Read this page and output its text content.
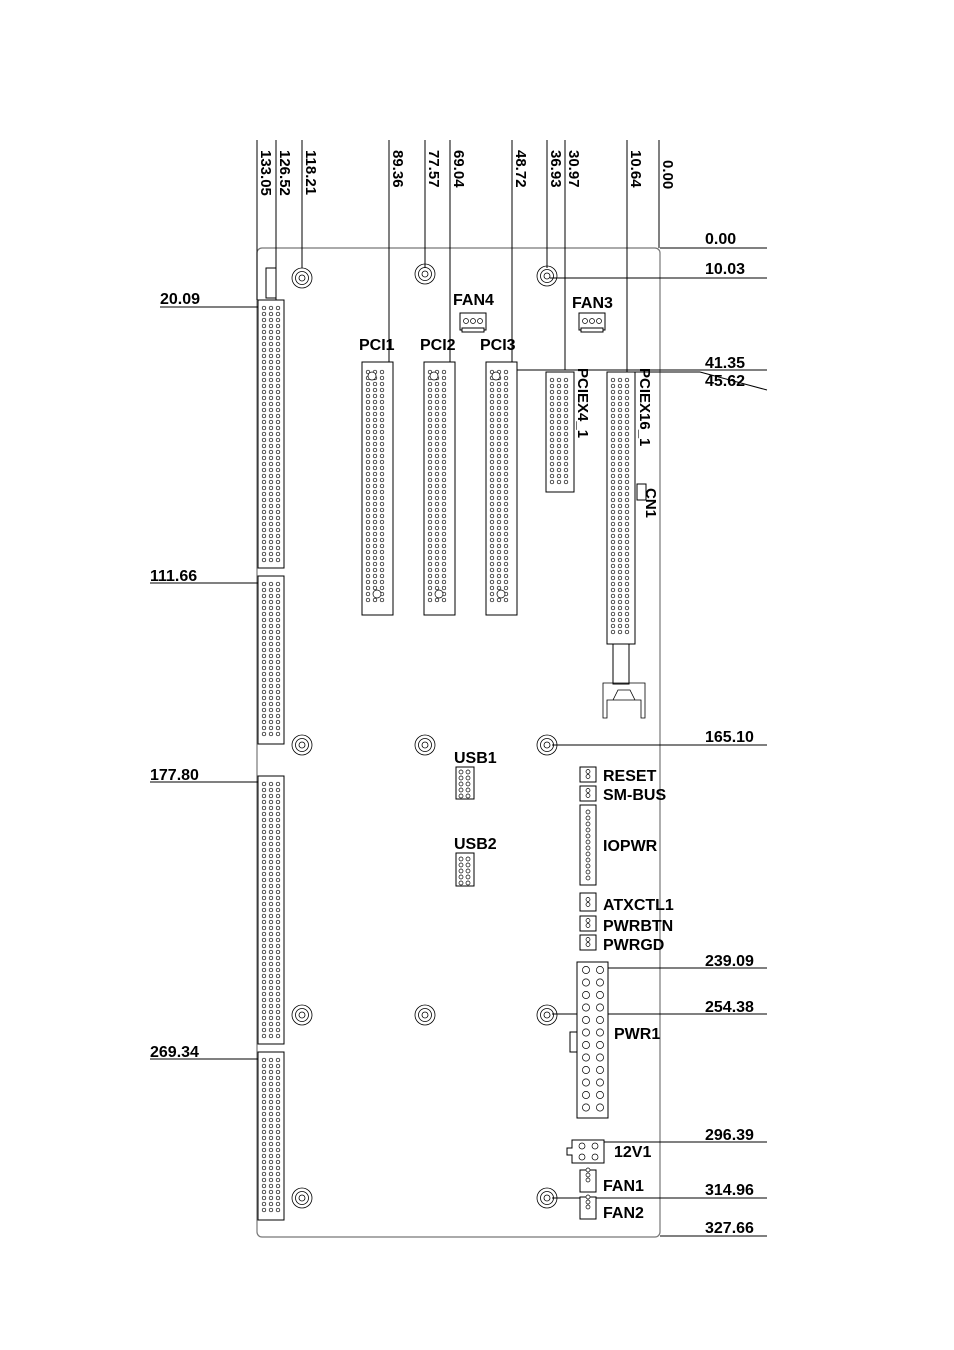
133.05 126.52 118.21	89.36 77.57 69.04	48.72 36.93 30.97	10.64 0.00
0.00
10.03
41.35
45.62
165.10
239.09
254.38
296.39
314.96
327.66
20.09
111.66
177.80
269.34
FAN4	FAN3
PCI1 PCI2 PCI3
PCIEX4_1	PCIEX16_1
CN1
USB1
USB2
RESET
SM-BUS
IOPWR
ATXCTL1
PWRBTN
PWRGD
PWR1
12V1
FAN1
FAN2
